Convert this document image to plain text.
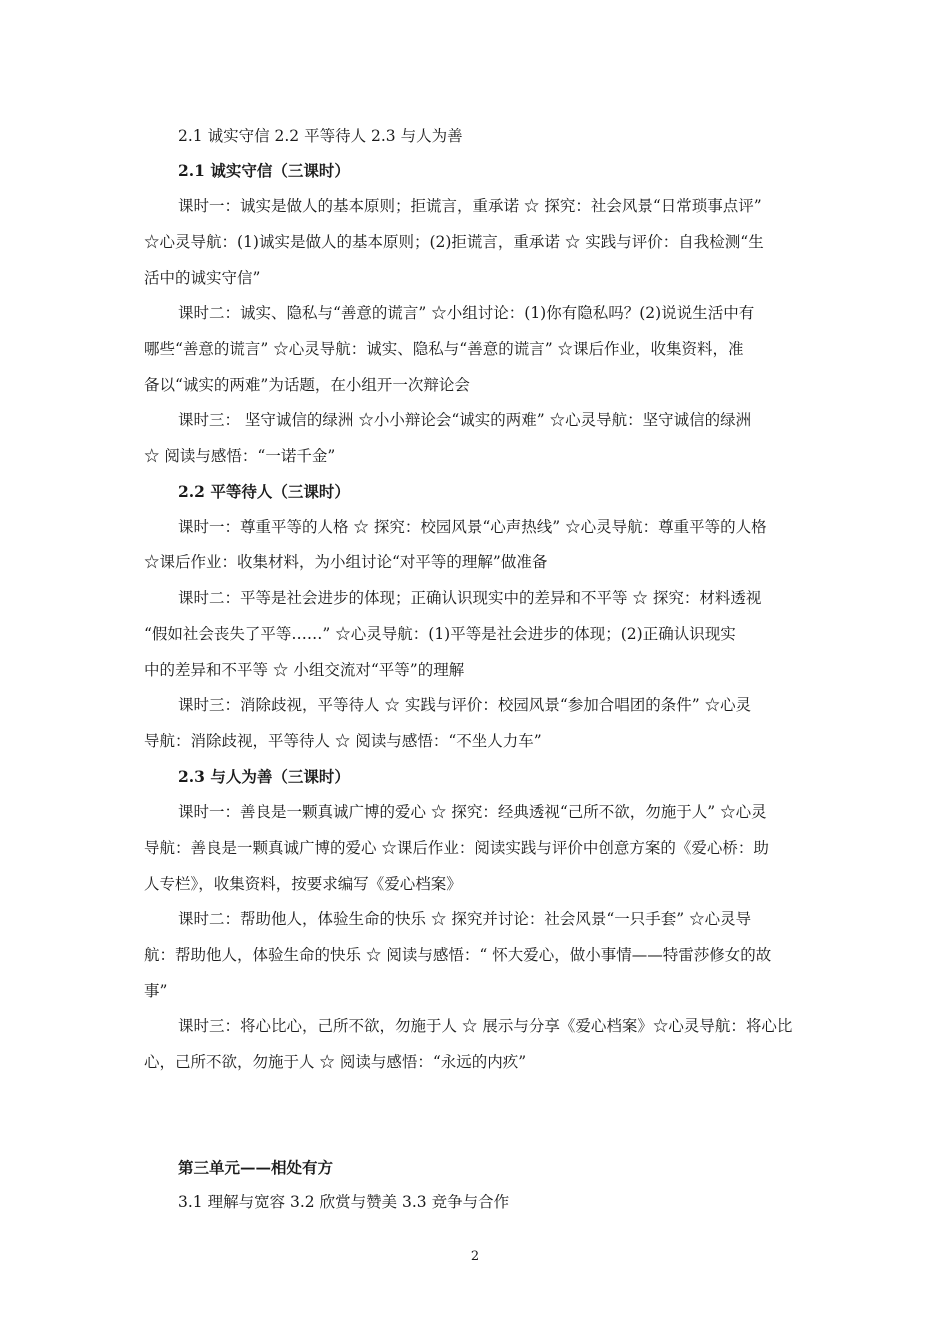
2.1 诚实守信 2.2 平等待人 2.3 与人为善
2.1 诚实守信（三课时）
课时一：诚实是做人的基本原则；拒谎言，重承诺 ☆ 探究：社会风景“日常琐事点评”
☆心灵导航：(1)诚实是做人的基本原则；(2)拒谎言，重承诺 ☆ 实践与评价：自我检测“生
活中的诚实守信”
课时二：诚实、隐私与“善意的谎言” ☆小组讨论：(1)你有隐私吗？(2)说说生活中有
哪些“善意的谎言” ☆心灵导航：诚实、隐私与“善意的谎言” ☆课后作业，收集资料，准
备以“诚实的两难”为话题，在小组开一次辩论会
课时三： 坚守诚信的绿洲 ☆小小辩论会“诚实的两难” ☆心灵导航：坚守诚信的绿洲
☆ 阅读与感悟：“一诺千金”
2.2 平等待人（三课时）
课时一：尊重平等的人格 ☆ 探究：校园风景“心声热线” ☆心灵导航：尊重平等的人格
☆课后作业：收集材料，为小组讨论“对平等的理解”做准备
课时二：平等是社会进步的体现；正确认识现实中的差异和不平等 ☆ 探究：材料透视
“假如社会丧失了平等……” ☆心灵导航：(1)平等是社会进步的体现；(2)正确认识现实
中的差异和不平等 ☆ 小组交流对“平等”的理解
课时三：消除歧视，平等待人 ☆ 实践与评价：校园风景“参加合唱团的条件” ☆心灵
导航：消除歧视，平等待人 ☆ 阅读与感悟：“不坐人力车”
2.3 与人为善（三课时）
课时一：善良是一颗真诚广博的爱心 ☆ 探究：经典透视“己所不欲，勿施于人” ☆心灵
导航：善良是一颗真诚广博的爱心 ☆课后作业：阅读实践与评价中创意方案的《爱心桥：助
人专栏》，收集资料，按要求编写《爱心档案》
课时二：帮助他人，体验生命的快乐 ☆ 探究并讨论：社会风景“一只手套” ☆心灵导
航：帮助他人，体验生命的快乐 ☆ 阅读与感悟：“ 怀大爱心，做小事情——特雷莎修女的故
事”
课时三：将心比心，己所不欲，勿施于人 ☆ 展示与分享《爱心档案》☆心灵导航：将心比
心，己所不欲，勿施于人 ☆ 阅读与感悟：“永远的内疚”
第三单元——相处有方
3.1 理解与宽容 3.2 欣赏与赞美 3.3 竞争与合作
2
